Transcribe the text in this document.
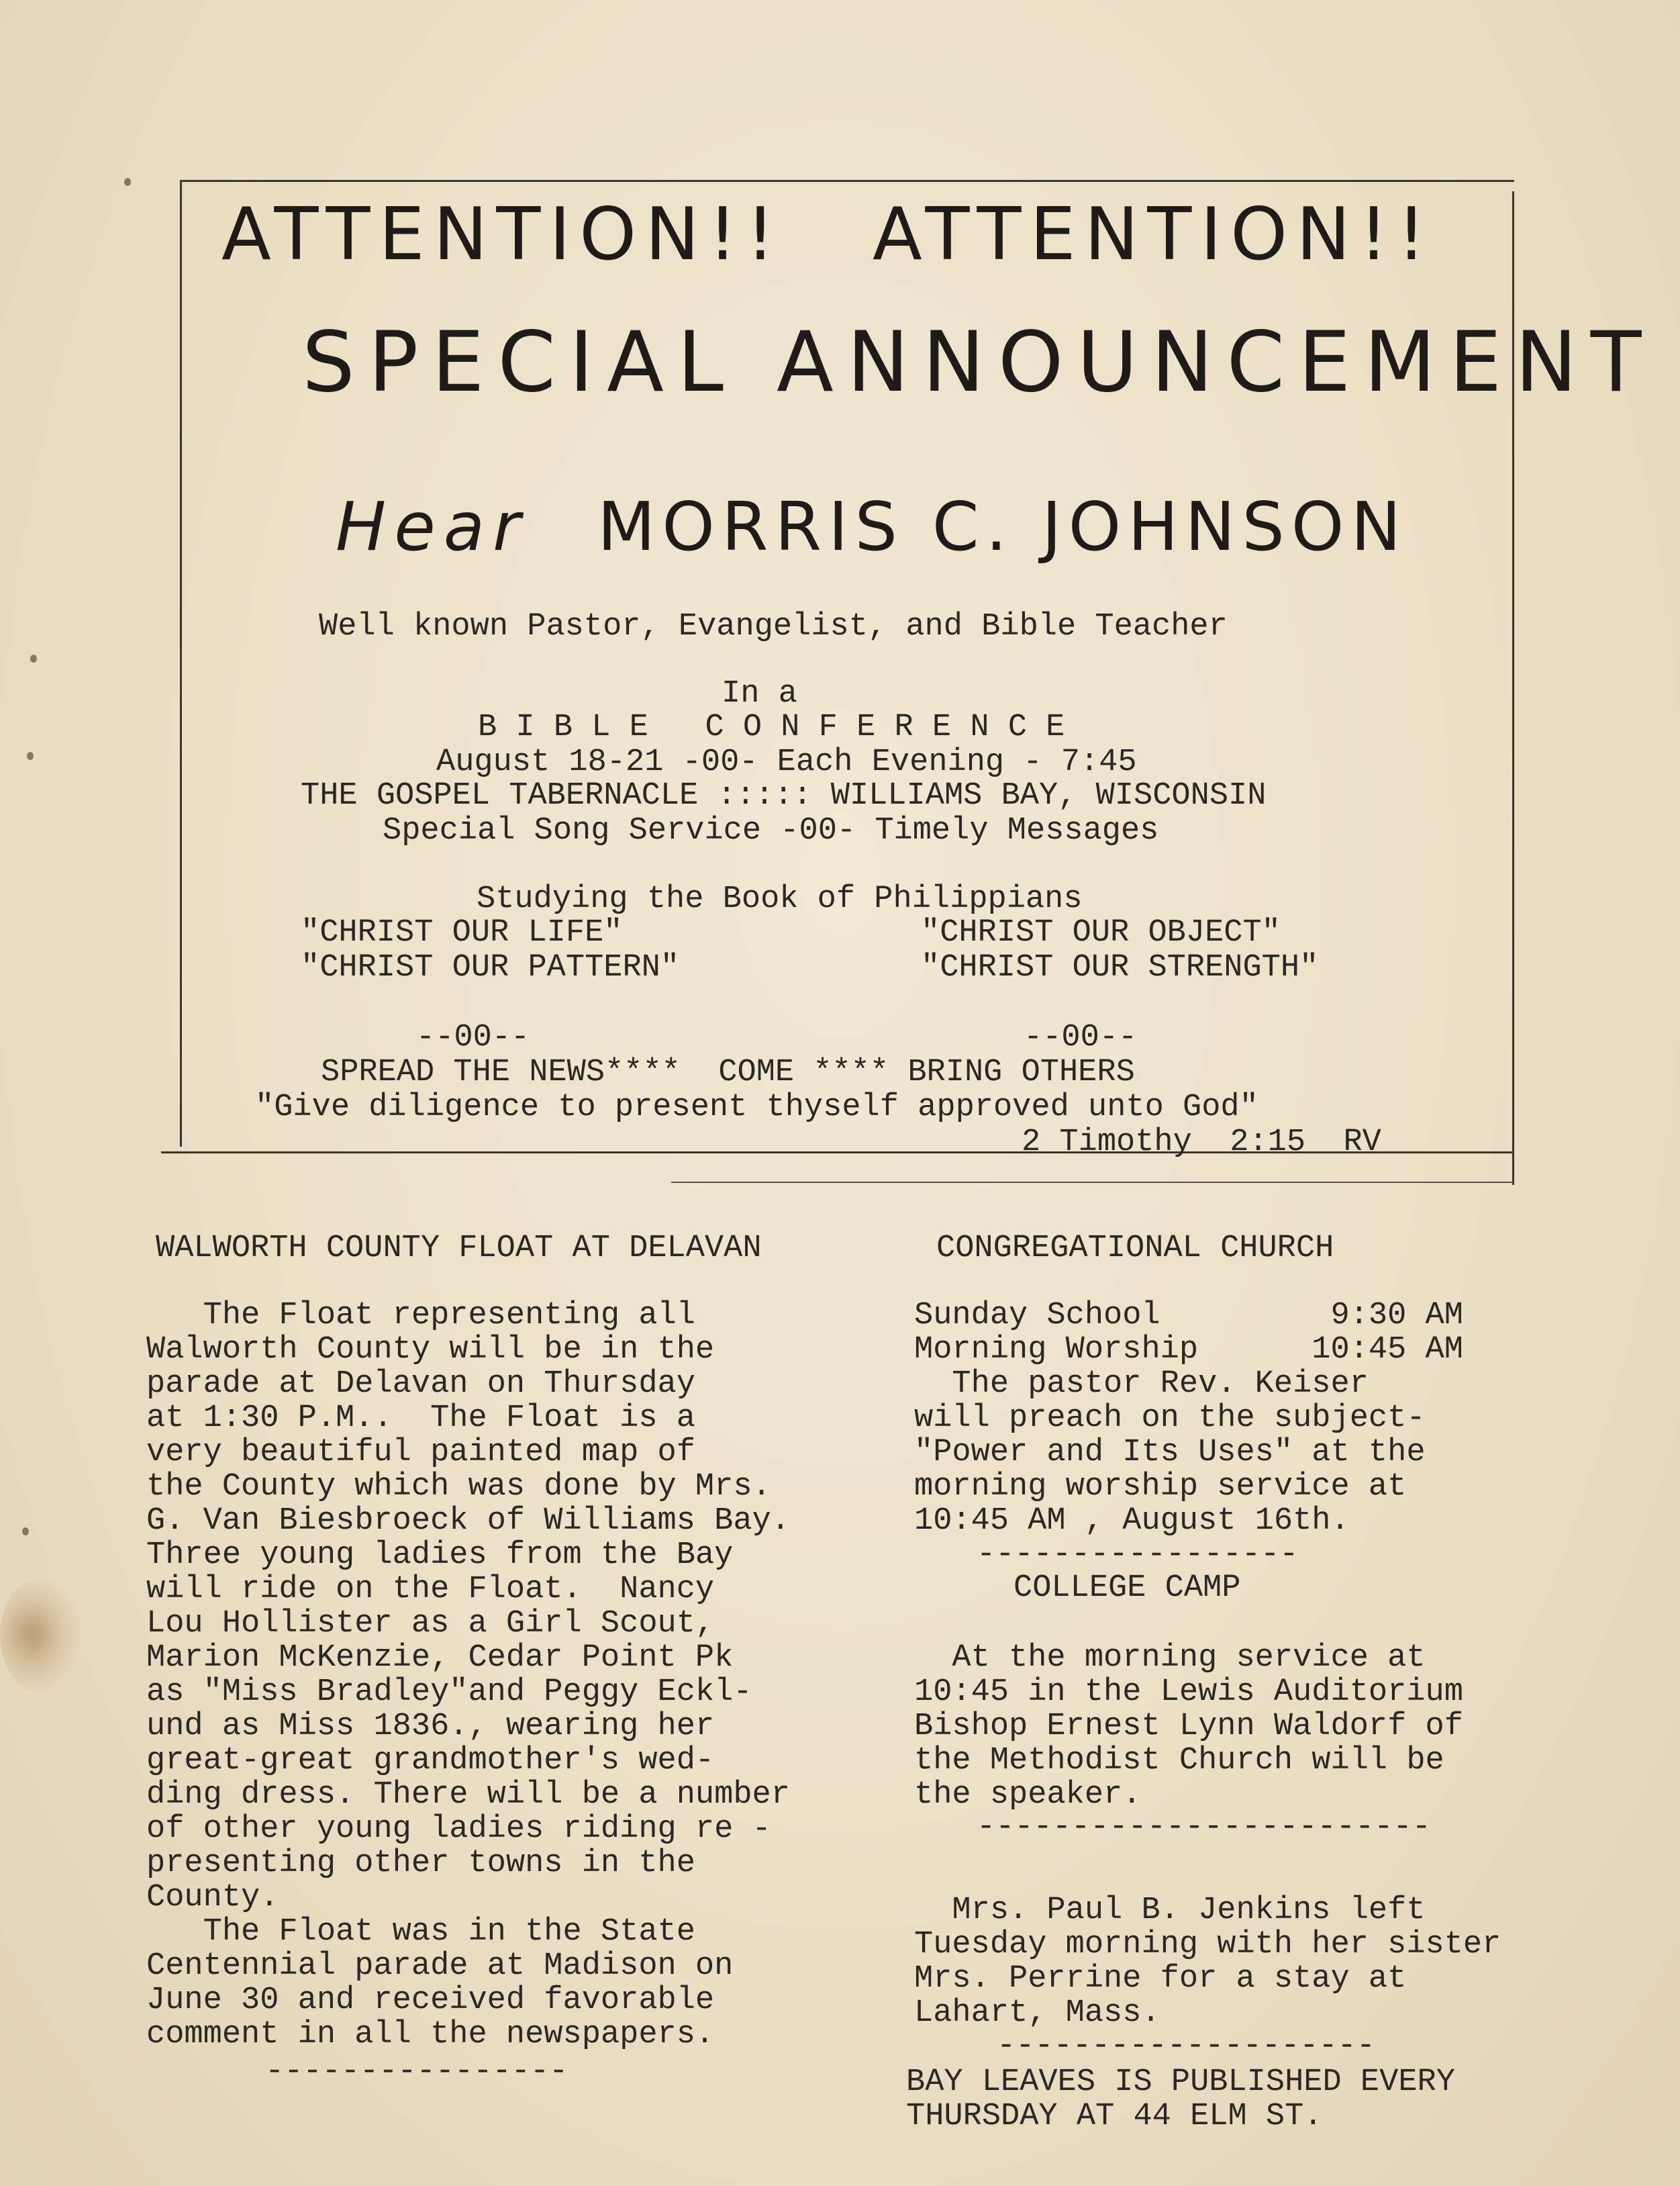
ATTENTION!! ATTENTION!!
SPECIAL ANNOUNCEMENT
Hear MORRIS C. JOHNSON
Well known Pastor, Evangelist, and Bible Teacher
In a
B I B L E   C O N F E R E N C E
August 18-21 -00- Each Evening - 7:45
THE GOSPEL TABERNACLE ::::: WILLIAMS BAY, WISCONSIN
Special Song Service -00- Timely Messages
Studying the Book of Philippians
"CHRIST OUR LIFE"	"CHRIST OUR OBJECT"
"CHRIST OUR PATTERN"	"CHRIST OUR STRENGTH"
--00--	--00--
SPREAD THE NEWS****  COME **** BRING OTHERS
"Give diligence to present thyself approved unto God"
2 Timothy  2:15  RV
WALWORTH COUNTY FLOAT AT DELAVAN
The Float representing all
Walworth County will be in the
parade at Delavan on Thursday
at 1:30 P.M..  The Float is a
very beautiful painted map of
the County which was done by Mrs.
G. Van Biesbroeck of Williams Bay.
Three young ladies from the Bay
will ride on the Float.  Nancy
Lou Hollister as a Girl Scout,
Marion McKenzie, Cedar Point Pk
as "Miss Bradley"and Peggy Eckl-
und as Miss 1836., wearing her
great-great grandmother's wed-
ding dress. There will be a number
of other young ladies riding re -
presenting other towns in the
County.
The Float was in the State
Centennial parade at Madison on
June 30 and received favorable
comment in all the newspapers.
----------------
CONGREGATIONAL CHURCH
Sunday School         9:30 AM
Morning Worship      10:45 AM
The pastor Rev. Keiser
will preach on the subject-
"Power and Its Uses" at the
morning worship service at
10:45 AM , August 16th.
-----------------
COLLEGE CAMP
At the morning service at
10:45 in the Lewis Auditorium
Bishop Ernest Lynn Waldorf of
the Methodist Church will be
the speaker.
------------------------
Mrs. Paul B. Jenkins left
Tuesday morning with her sister
Mrs. Perrine for a stay at
Lahart, Mass.
--------------------
BAY LEAVES IS PUBLISHED EVERY
THURSDAY AT 44 ELM ST.
